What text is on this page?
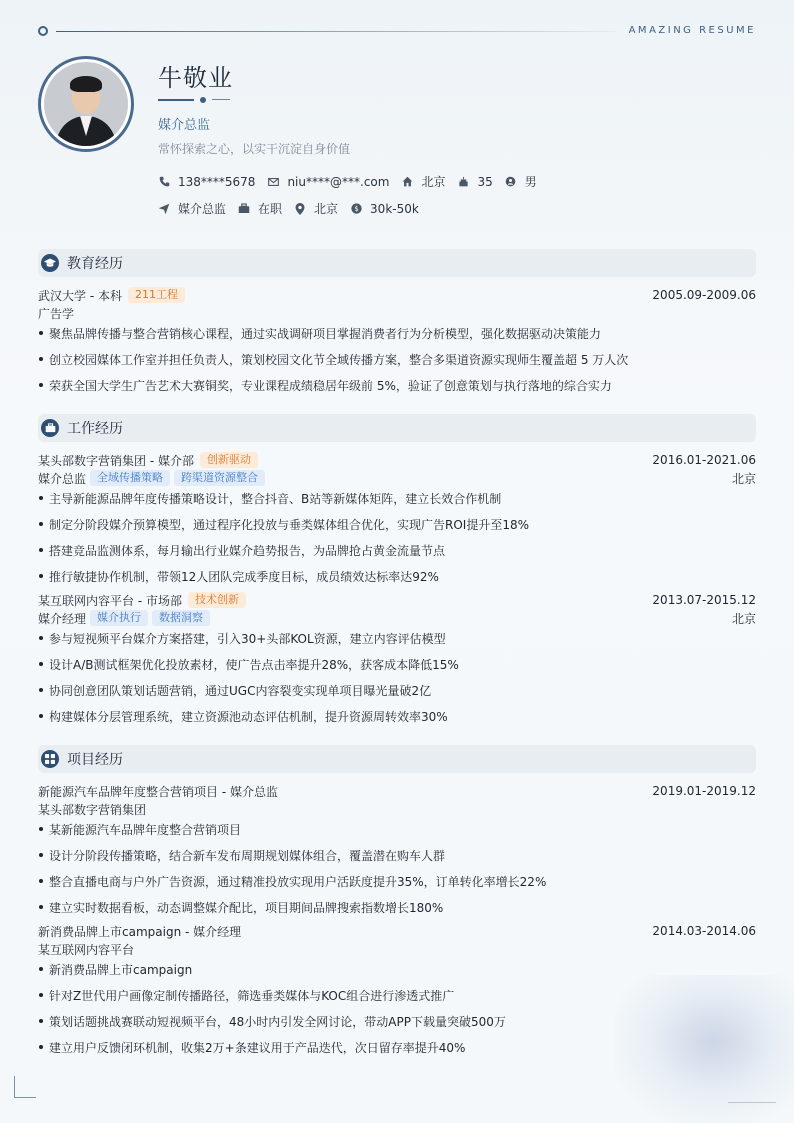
AMAZING RESUME
牛敬业
媒介总监
常怀探索之心，以实干沉淀自身价值
138****5678	niu****@***.com	北京	35	男
媒介总监	在职	北京 $ 30k-50k
教育经历
武汉大学 - 本科	211工程	2005.09-2009.06
广告学
聚焦品牌传播与整合营销核心课程，通过实战调研项目掌握消费者行为分析模型，强化数据驱动决策能力
创立校园媒体工作室并担任负责人，策划校园文化节全域传播方案，整合多渠道资源实现师生覆盖超 5 万人次
荣获全国大学生广告艺术大赛铜奖，专业课程成绩稳居年级前 5%，验证了创意策划与执行落地的综合实力
工作经历
某头部数字营销集团 - 媒介部	创新驱动	2016.01-2021.06
媒介总监	全域传播策略	跨渠道资源整合	北京
主导新能源品牌年度传播策略设计，整合抖音、B站等新媒体矩阵，建立长效合作机制
制定分阶段媒介预算模型，通过程序化投放与垂类媒体组合优化，实现广告ROI提升至18%
搭建竞品监测体系，每月输出行业媒介趋势报告，为品牌抢占黄金流量节点
推行敏捷协作机制，带领12人团队完成季度目标，成员绩效达标率达92%
某互联网内容平台 - 市场部	技术创新	2013.07-2015.12
媒介经理	媒介执行	数据洞察	北京
参与短视频平台媒介方案搭建，引入30+头部KOL资源，建立内容评估模型
设计A/B测试框架优化投放素材，使广告点击率提升28%，获客成本降低15%
协同创意团队策划话题营销，通过UGC内容裂变实现单项目曝光量破2亿
构建媒体分层管理系统，建立资源池动态评估机制，提升资源周转效率30%
项目经历
新能源汽车品牌年度整合营销项目 - 媒介总监	2019.01-2019.12
某头部数字营销集团
某新能源汽车品牌年度整合营销项目
设计分阶段传播策略，结合新车发布周期规划媒体组合，覆盖潜在购车人群
整合直播电商与户外广告资源，通过精准投放实现用户活跃度提升35%，订单转化率增长22%
建立实时数据看板，动态调整媒介配比，项目期间品牌搜索指数增长180%
新消费品牌上市campaign - 媒介经理	2014.03-2014.06
某互联网内容平台
新消费品牌上市campaign
针对Z世代用户画像定制传播路径，筛选垂类媒体与KOC组合进行渗透式推广
策划话题挑战赛联动短视频平台，48小时内引发全网讨论，带动APP下载量突破500万
建立用户反馈闭环机制，收集2万+条建议用于产品迭代，次日留存率提升40%
